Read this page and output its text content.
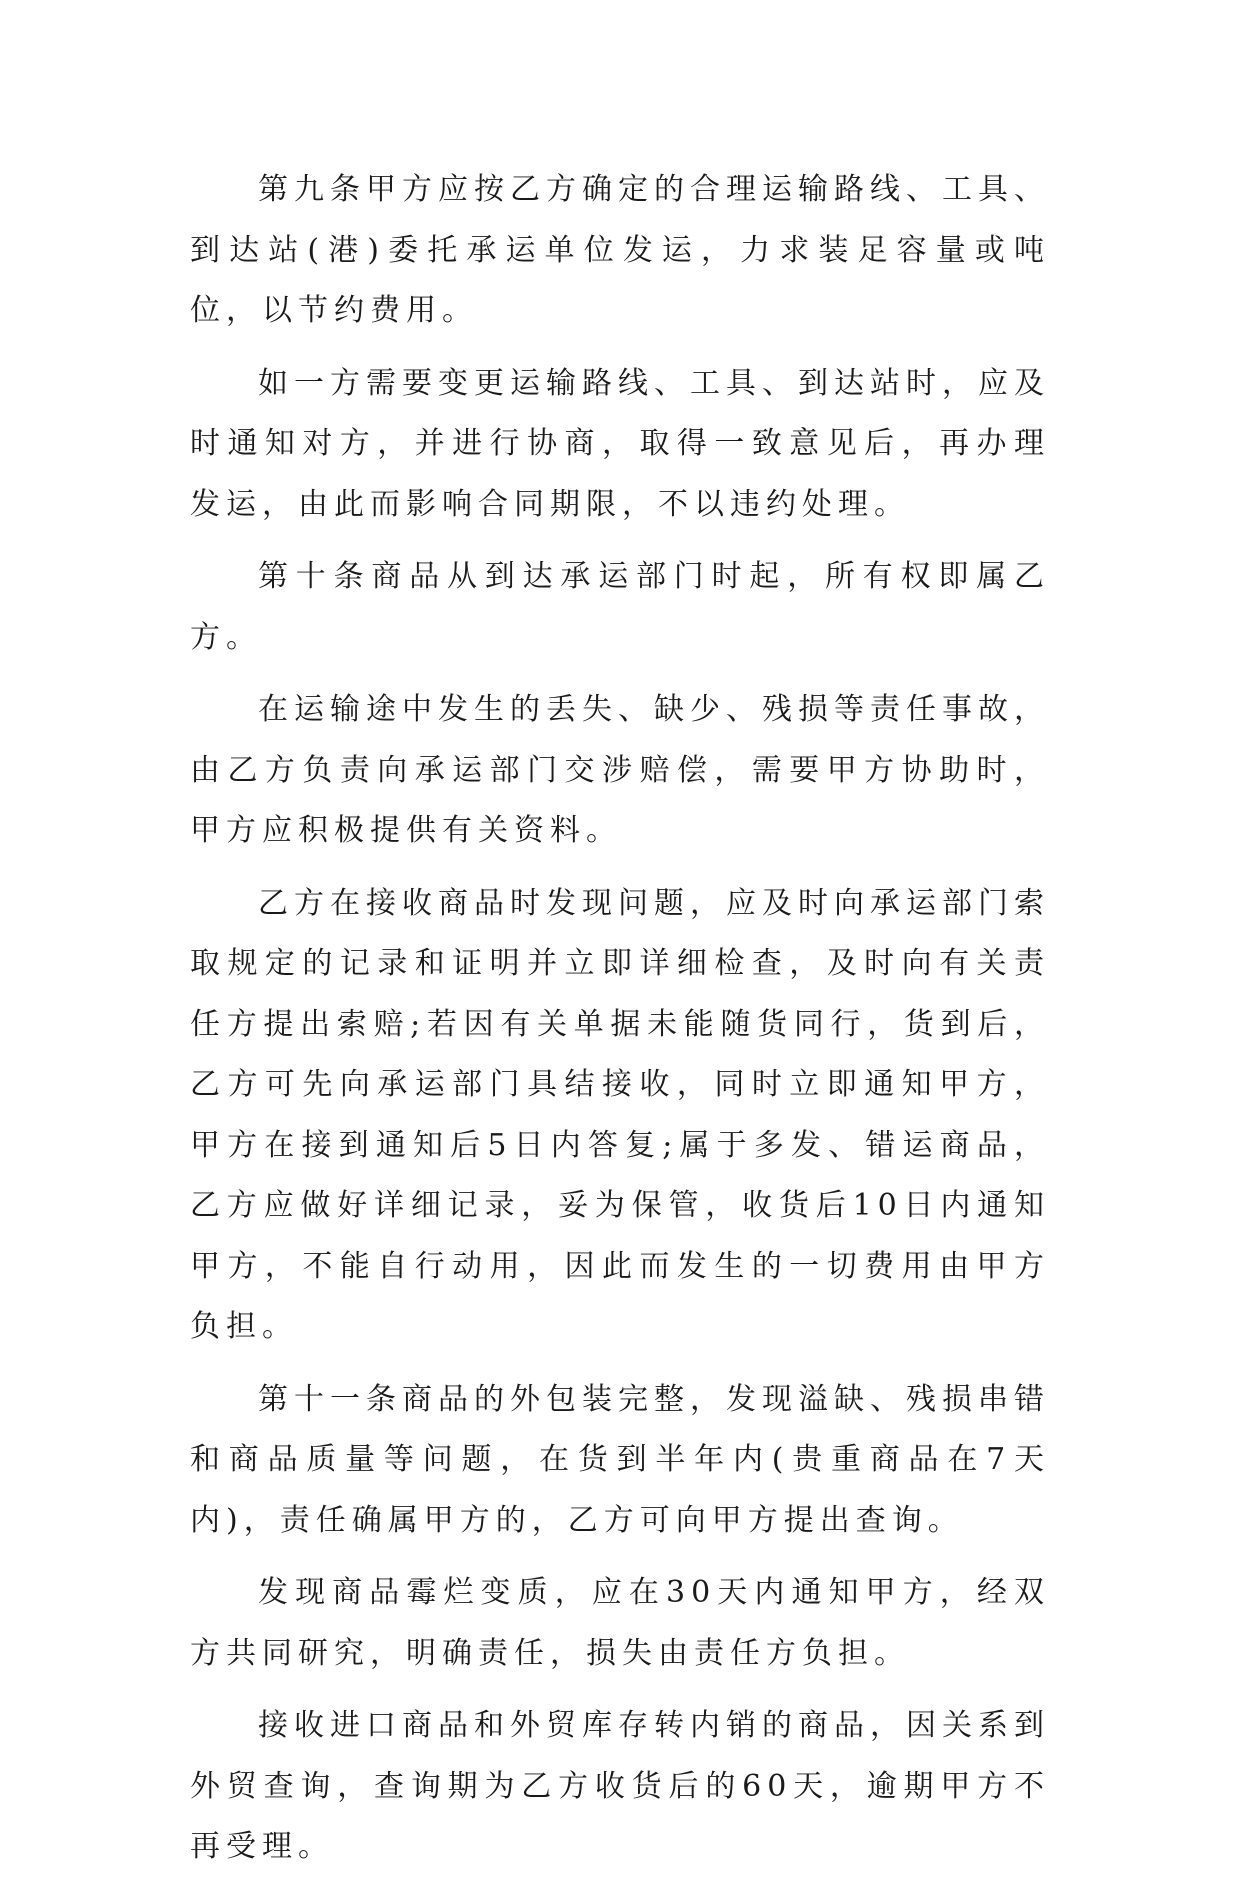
第九条甲方应按乙方确定的合理运输路线、工具、到达站(港)委托承运单位发运，力求装足容量或吨位，以节约费用。

如一方需要变更运输路线、工具、到达站时，应及时通知对方，并进行协商，取得一致意见后，再办理发运，由此而影响合同期限，不以违约处理。

第十条商品从到达承运部门时起，所有权即属乙方。

在运输途中发生的丢失、缺少、残损等责任事故，由乙方负责向承运部门交涉赔偿，需要甲方协助时，甲方应积极提供有关资料。

乙方在接收商品时发现问题，应及时向承运部门索取规定的记录和证明并立即详细检查，及时向有关责任方提出索赔;若因有关单据未能随货同行，货到后，乙方可先向承运部门具结接收，同时立即通知甲方，甲方在接到通知后5日内答复;属于多发、错运商品，乙方应做好详细记录，妥为保管，收货后10日内通知甲方，不能自行动用，因此而发生的一切费用由甲方负担。

第十一条商品的外包装完整，发现溢缺、残损串错和商品质量等问题，在货到半年内(贵重商品在7天内)，责任确属甲方的，乙方可向甲方提出查询。

发现商品霉烂变质，应在30天内通知甲方，经双方共同研究，明确责任，损失由责任方负担。

接收进口商品和外贸库存转内销的商品，因关系到外贸查询，查询期为乙方收货后的60天，逾期甲方不再受理。
